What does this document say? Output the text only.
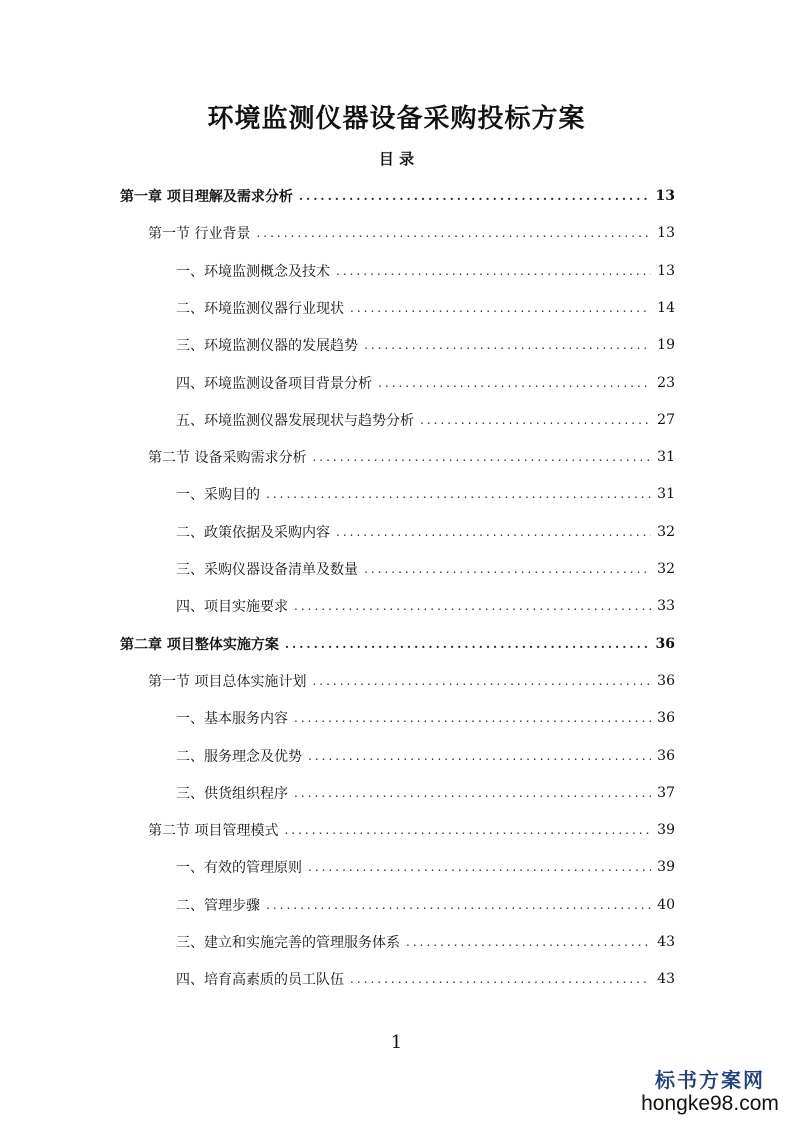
环境监测仪器设备采购投标方案
目 录
第一章 项目理解及需求分析 .....	13
第一节 行业背景 .....	13
一、环境监测概念及技术 .....	13
二、环境监测仪器行业现状 .....	14
三、环境监测仪器的发展趋势 .....	19
四、环境监测设备项目背景分析 .....	23
五、环境监测仪器发展现状与趋势分析 .....	27
第二节 设备采购需求分析 .....	31
一、采购目的 .....	31
二、政策依据及采购内容 .....	32
三、采购仪器设备清单及数量 .....	32
四、项目实施要求 .....	33
第二章 项目整体实施方案 .....	36
第一节 项目总体实施计划 .....	36
一、基本服务内容 .....	36
二、服务理念及优势 .....	36
三、供货组织程序 .....	37
第二节 项目管理模式 .....	39
一、有效的管理原则 .....	39
二、管理步骤 .....	40
三、建立和实施完善的管理服务体系 .....	43
四、培育高素质的员工队伍 .....	43
1
标书方案网
hongke98.com
